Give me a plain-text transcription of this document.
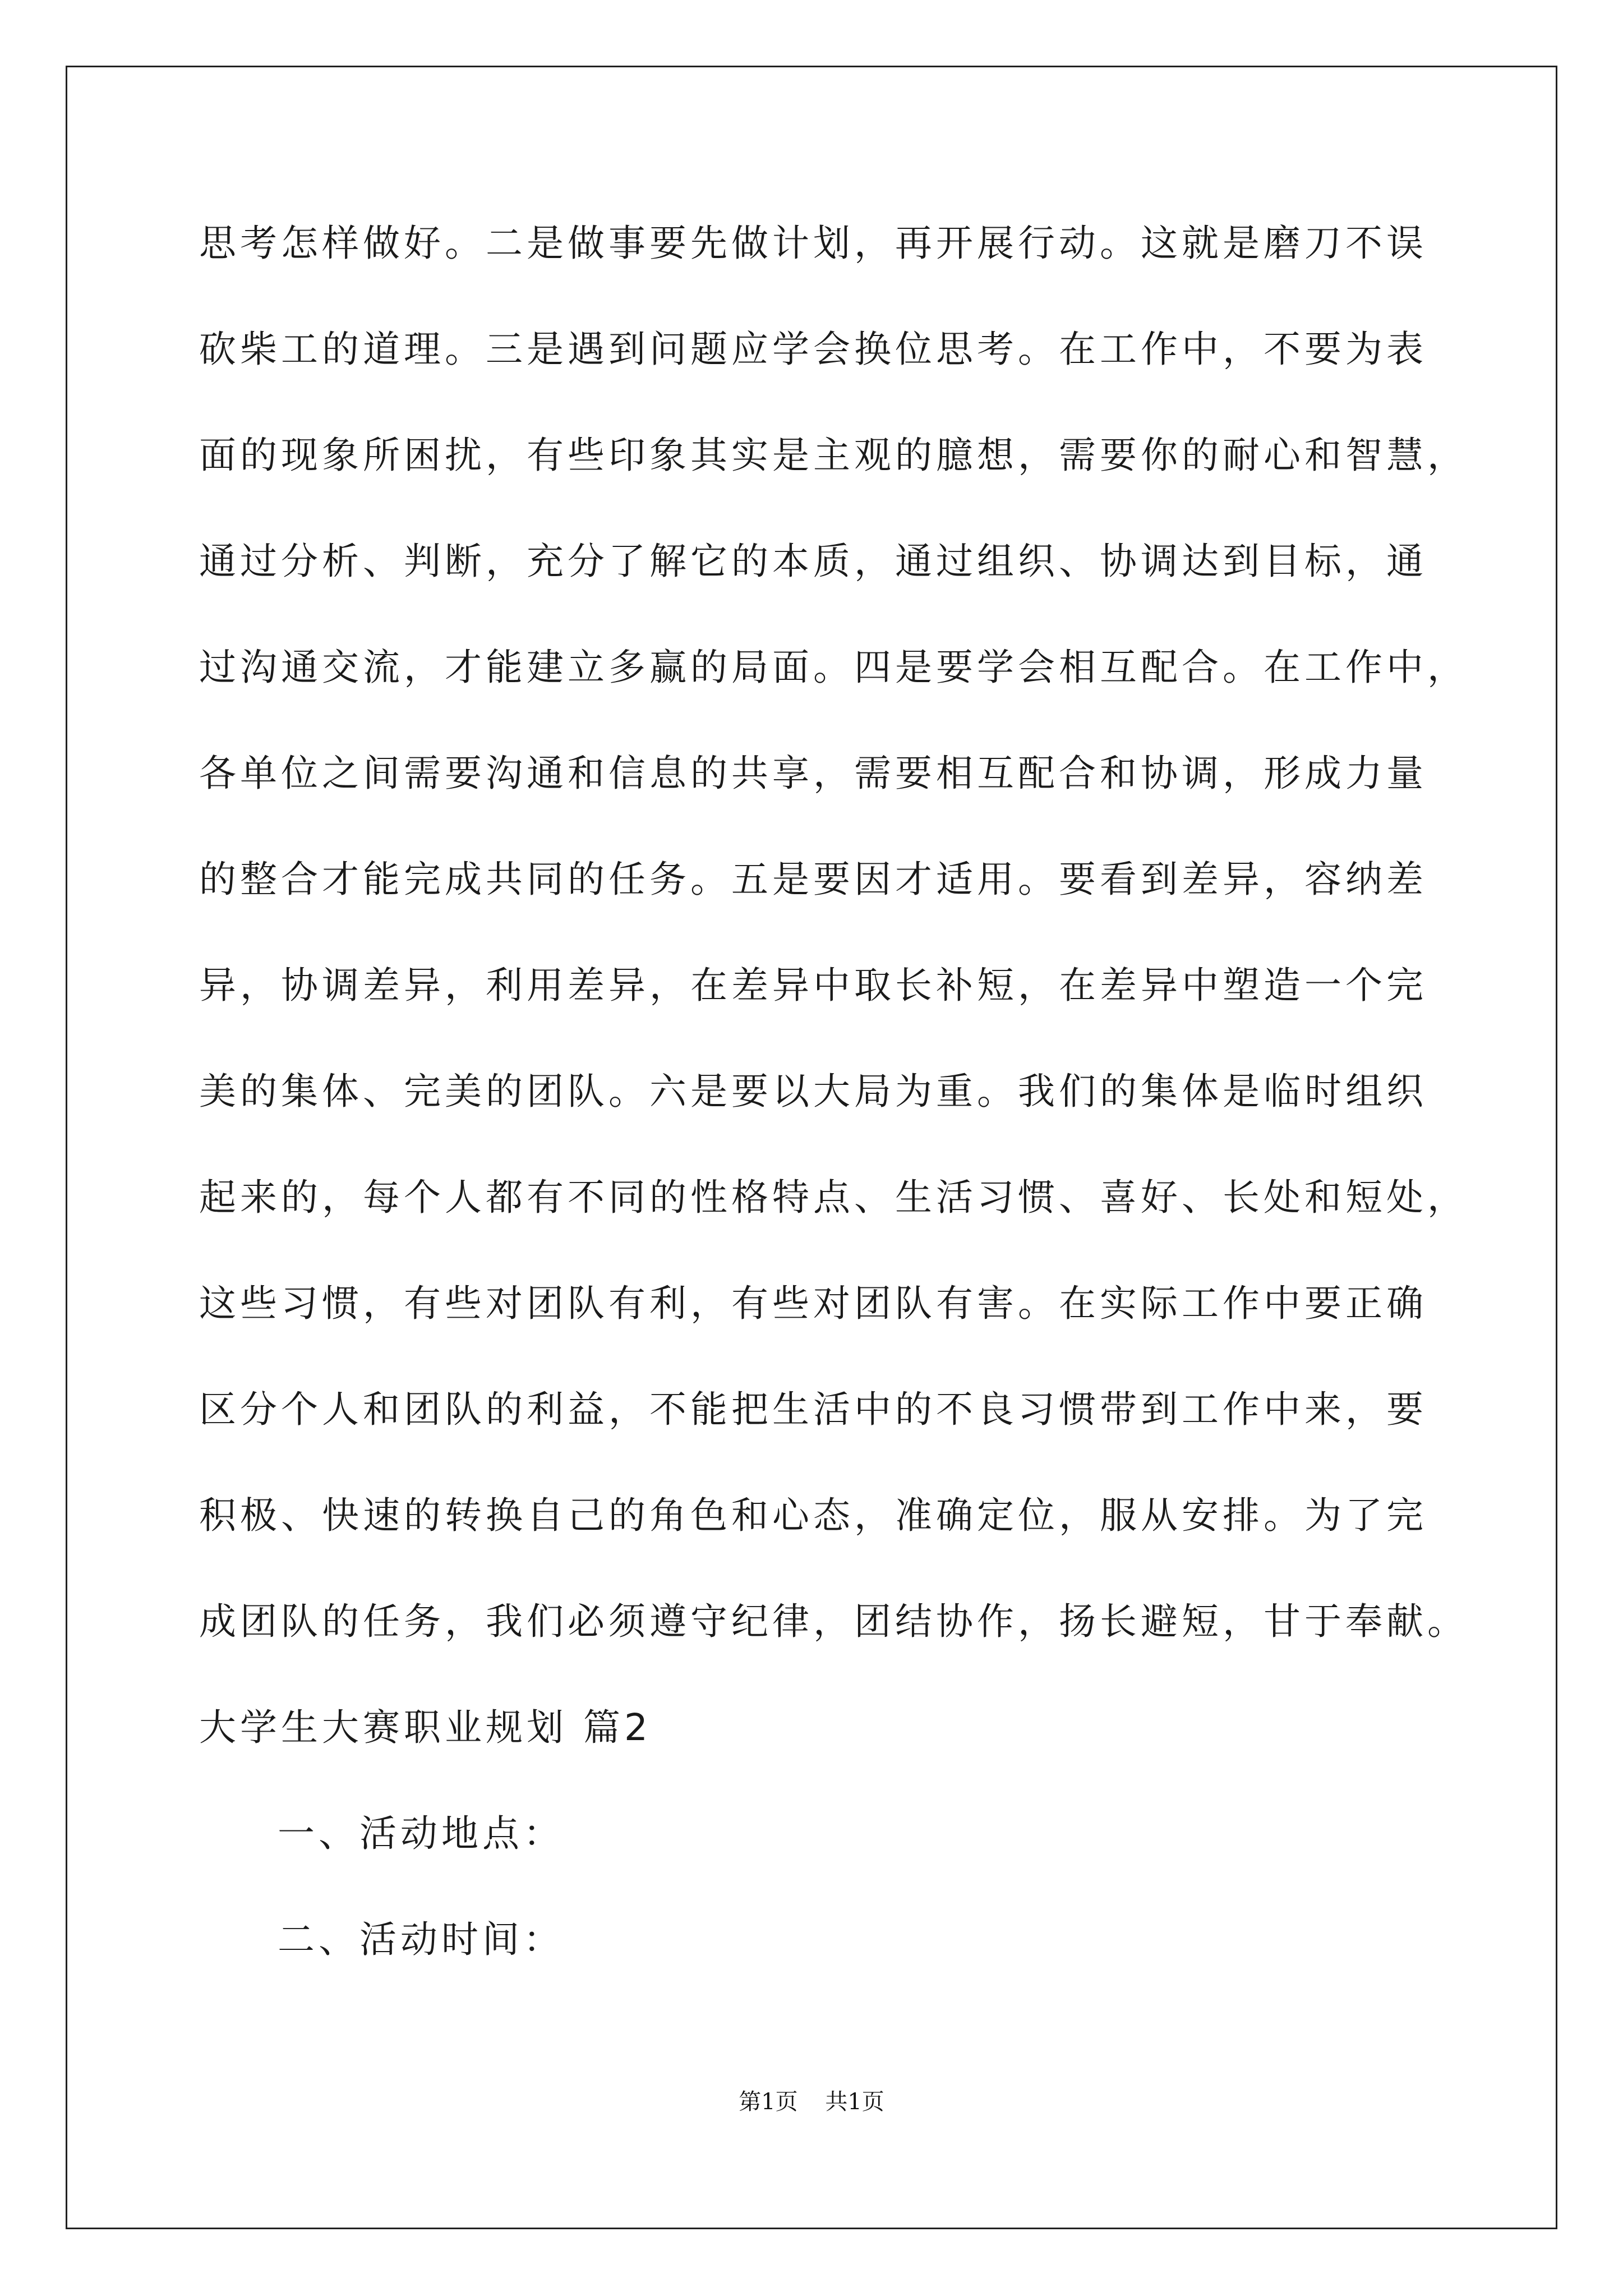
思考怎样做好。二是做事要先做计划，再开展行动。这就是磨刀不误
砍柴工的道理。三是遇到问题应学会换位思考。在工作中，不要为表
面的现象所困扰，有些印象其实是主观的臆想，需要你的耐心和智慧，
通过分析、判断，充分了解它的本质，通过组织、协调达到目标，通
过沟通交流，才能建立多赢的局面。四是要学会相互配合。在工作中，
各单位之间需要沟通和信息的共享，需要相互配合和协调，形成力量
的整合才能完成共同的任务。五是要因才适用。要看到差异，容纳差
异，协调差异，利用差异，在差异中取长补短，在差异中塑造一个完
美的集体、完美的团队。六是要以大局为重。我们的集体是临时组织
起来的，每个人都有不同的性格特点、生活习惯、喜好、长处和短处，
这些习惯，有些对团队有利，有些对团队有害。在实际工作中要正确
区分个人和团队的利益，不能把生活中的不良习惯带到工作中来，要
积极、快速的转换自己的角色和心态，准确定位，服从安排。为了完
成团队的任务，我们必须遵守纪律，团结协作，扬长避短，甘于奉献。
大学生大赛职业规划 篇2
一、活动地点：
二、活动时间：
第1页 共1页
